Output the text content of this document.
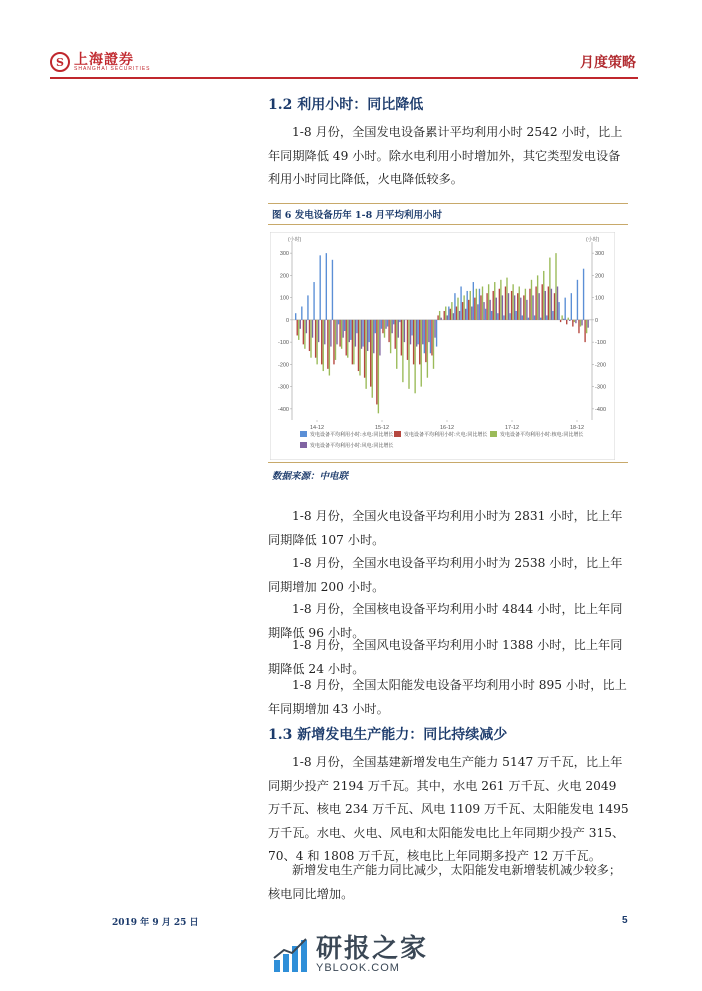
S 上海證券
SHANGHAI SECURITIES	月度策略
1.2 利用小时：同比降低

1-8 月份，全国发电设备累计平均利用小时 2542 小时，比上年同期降低 49 小时。除水电利用小时增加外，其它类型发电设备利用小时同比降低，火电降低较多。

图 6 发电设备历年 1-8 月平均利用小时
(小时)	(小时)
300	300
200	200
100	100
0	0
-100	-100
-200	-200
-300	-300
-400	-400
14-12	15-12	16-12	17-12	18-12
发电设备平均利用小时:水电:同比增长 发电设备平均利用小时:火电:同比增长	发电设备平均利用小时:核电:同比增长
发电设备平均利用小时:风电:同比增长
数据来源：中电联

1-8 月份，全国火电设备平均利用小时为 2831 小时，比上年同期降低 107 小时。

1-8 月份，全国水电设备平均利用小时为 2538 小时，比上年同期增加 200 小时。

1-8 月份，全国核电设备平均利用小时 4844 小时，比上年同期降低 96 小时。

1-8 月份，全国风电设备平均利用小时 1388 小时，比上年同期降低 24 小时。

1-8 月份，全国太阳能发电设备平均利用小时 895 小时，比上年同期增加 43 小时。

1.3 新增发电生产能力：同比持续减少

1-8 月份，全国基建新增发电生产能力 5147 万千瓦，比上年同期少投产 2194 万千瓦。其中，水电 261 万千瓦、火电 2049 万千瓦、核电 234 万千瓦、风电 1109 万千瓦、太阳能发电 1495 万千瓦。水电、火电、风电和太阳能发电比上年同期少投产 315、70、4 和 1808 万千瓦，核电比上年同期多投产 12 万千瓦。

新增发电生产能力同比减少，太阳能发电新增装机减少较多；核电同比增加。

2019 年 9 月 25 日	5
研报之家
YBLOOK.COM
